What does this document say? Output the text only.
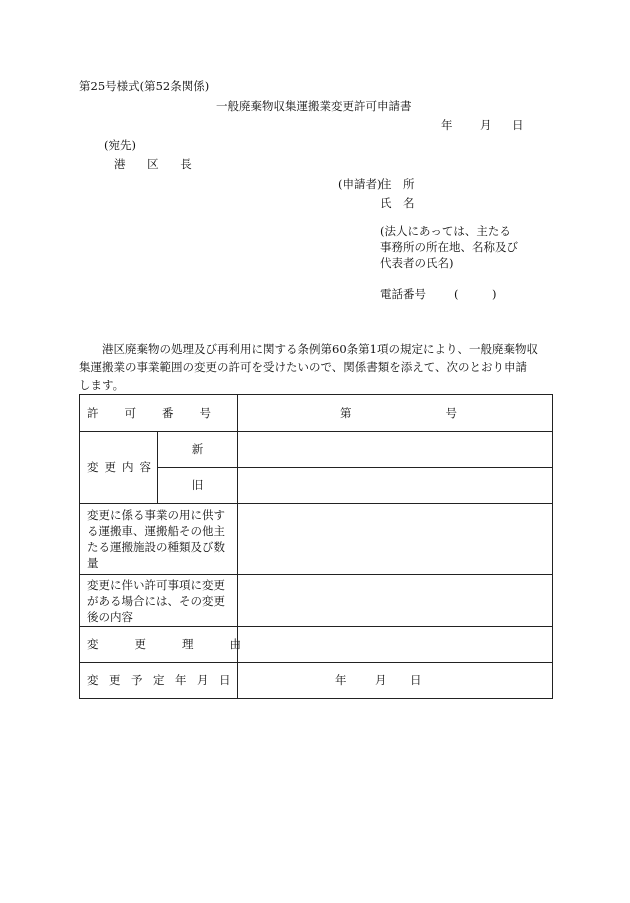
第25号様式(第52条関係)
一般廃棄物収集運搬業変更許可申請書
年 月 日
(宛先)
港 区 長
(申請者)
住　所
氏　名
(法人にあっては、主たる
事務所の所在地、名称及び
代表者の氏名)
電話番号 (	)
港区廃棄物の処理及び再利用に関する条例第60条第1項の規定により、一般廃棄物収
集運搬業の事業範囲の変更の許可を受けたいので、関係書類を添えて、次のとおり申請
します。
許可番号		第 号

変更内容	新	
	旧	

変更に係る事業の用に供す
る運搬車、運搬船その他主
たる運搬施設の種類及び数
量		

変更に伴い許可事項に変更
がある場合には、その変更
後の内容		

変更理由		
変更予定年月日		年 月 日
